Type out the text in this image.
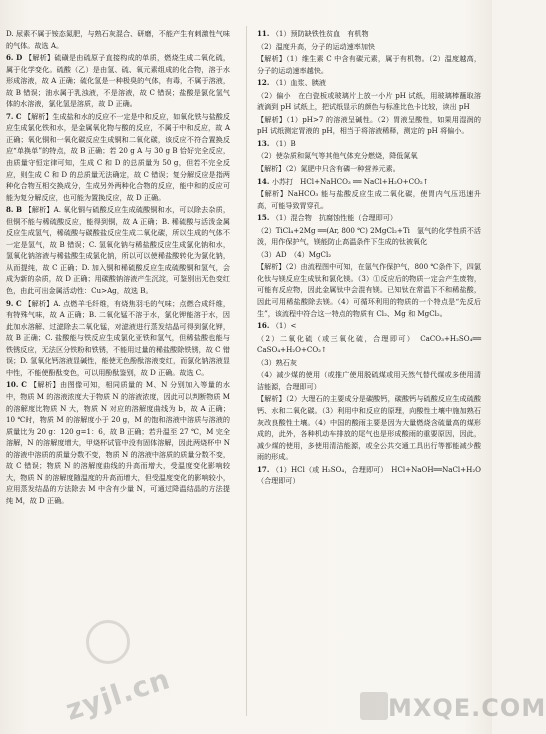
D. 尿素不属于铵态氮肥，与熟石灰混合、研磨，不能产生有刺激性气味的气体。故选 A。
6. D 【解析】硫磺是由硫原子直接构成的单质，燃烧生成二氧化硫，属于化学变化。硫酸（乙）是由氢、硫、氧元素组成的化合物，溶于水形成溶液，故 A 正确；硫化氢是一种极臭的气体，有毒，不属于溶液，故 B 错误；油水属于乳浊液，不是溶液，故 C 错误；盐酸是氯化氢气体的水溶液，氯化氢是溶质，故 D 正确。
7. C 【解析】生成盐和水的反应不一定是中和反应，如氧化铁与盐酸反应生成氯化铁和水，是金属氧化物与酸的反应，不属于中和反应，故 A 正确；氧化铜和一氧化碳反应生成铜和二氧化碳，该反应不符合置换反应“单换单”的特点，故 B 正确；若 20 g A 与 30 g B 恰好完全反应，由质量守恒定律可知，生成 C 和 D 的总质量为 50 g，但若不完全反应，则生成 C 和 D 的总质量无法确定，故 C 错误；复分解反应是指两种化合物互相交换成分，生成另外两种化合物的反应，能中和的反应可能为复分解反应，也可能为置换反应，故 D 正确。
8. B 【解析】A. 氧化铜与硫酸反应生成硫酸铜和水，可以除去杂质，但铜不能与稀硫酸反应，能得到铜，故 A 正确；B. 稀硫酸与活泼金属反应生成氢气，稀硫酸与碳酸盐反应生成二氧化碳，所以生成的气体不一定是氢气，故 B 错误；C. 氢氧化钠与稀盐酸反应生成氯化钠和水，氢氧化钠溶液与稀盐酸生成氯化钠，所以可以使稀盐酸转化为氯化钠，从而提纯，故 C 正确；D. 加入铜和稀硫酸反应生成硫酸铜和氢气，会成为新的杂质，故 D 正确；用碳酸钠溶液产生沉淀，可鉴别出无色变红色，由此可出金属活动性：Cu>Ag，故选 B。
9. C 【解析】A. 点燃羊毛纤维，有烧焦羽毛的气味；点燃合成纤维，有特殊气味，故 A 正确；B. 二氧化锰不溶于水，氯化钾能溶于水，因此加水溶解、过滤除去二氧化锰，对滤液进行蒸发结晶可得到氯化钾，故 B 正确；C. 盐酸能与铁反应生成氯化亚铁和氢气，但稀盐酸也能与铁锈反应，无法区分铁粉和铁锈，不能用过量的稀盐酸除铁锈，故 C 错误；D. 氢氧化钙溶液显碱性，能使无色酚酞溶液变红，而氯化钠溶液显中性，不能使酚酞变色，可以用酚酞鉴别，故 D 正确。故选 C。
10. C 【解析】由图像可知，相同质量的 M、N 分别加入等量的水中，物质 M 的溶液浓度大于物质 N 的溶液浓度，因此可以判断物质 M 的溶解度比物质 N 大，物质 N 对应的溶解度曲线为 b，故 A 正确；10 ℃时，物质 M 的溶解度小于 20 g，M 的饱和溶液中溶质与溶液的质量比为 20 g：120 g=1：6，故 B 正确；若升温至 27 ℃，M 完全溶解，N 的溶解度增大，甲烧杯试管中没有固体溶解，因此两烧杯中 N 的溶液中溶质的质量分数不变，物质 N 的溶液中溶质的质量分数不变，故 C 错误；物质 N 的溶解度曲线的升高而增大，受温度变化影响较大，物质 N 的溶解度随温度的升高而增大，但受温度变化的影响较小，应用蒸发结晶的方法除去 M 中含有少量 N，可通过降温结晶的方法提纯 M，故 D 正确。
11. （1）预防缺铁性贫血　有机物
（2）温度升高，分子的运动速率加快
【解析】（1）维生素 C 中含有碳元素，属于有机物。（2）温度越高，分子的运动速率越快。
12. （1）血浆、胰液
（2）偏小　在白瓷板或玻璃片上放一小片 pH 试纸，用玻璃棒蘸取溶液滴到 pH 试纸上，把试纸显示的颜色与标准比色卡比较，读出 pH
【解析】（1）pH>7 的溶液呈碱性。（2）胃液呈酸性，如果用湿润的 pH 试纸测定胃液的 pH，相当于将溶液稀释，测定的 pH 将偏小。
13. （1）B
（2）使杂质和氮气等其他气体充分燃烧，降低氮氧
【解析】（2）氮肥中只含有磷一种营养元素。
14. 小苏打　HCl+NaHCO₃ ══ NaCl+H₂O+CO₂↑
【解析】NaHCO₃ 能与盐酸反应生成二氧化碳，使胃内气压迅速升高，可能导致胃穿孔。
15. （1）混合物　抗腐蚀性能（合理即可）
（2）TiCl₄+2Mg ══(Ar, 800 ℃) 2MgCl₂+Ti　氩气的化学性质不活泼，用作保护气，镁能防止高温条件下生成的钛被氧化
（3）AD　（4）MgCl₂
【解析】（2）由流程图中可知，在氩气作保护气，800 ℃条件下，四氯化钛与镁反应生成钛和氯化镁。（3）①反应后的物质一定会产生废物，可能有反应物，因此金属钛中会混有镁。已知钛在常温下不和稀盐酸，因此可用稀盐酸除去镁。（4）可循环利用的物质的一个特点是“先反后生”，该流程中符合这一特点的物质有 Cl₂、Mg 和 MgCl₂。
16. （1）<
（2）二氧化硫（或三氧化硫，合理即可）　CaCO₃+H₂SO₄══ CaSO₄+H₂O+CO₂↑
（3）熟石灰
（4）减少煤的使用（或推广使用脱硫煤或用天然气替代煤或多使用清洁能源，合理即可）
【解析】（2）大理石的主要成分是碳酸钙，碳酸钙与硫酸反应生成硫酸钙、水和二氧化碳。（3）利用中和反应的原理，向酸性土壤中施加熟石灰改良酸性土壤。（4）中国的酸雨主要是因为大量燃烧含硫量高的煤形成的，此外，各种机动车排放的尾气也是形成酸雨的重要原因，因此，减少煤的使用，多使用清洁能源，或全公共交通工具出行等都能减少酸雨的形成。
17. （1）HCl（或 H₂SO₄，合理即可）　HCl+NaOH══NaCl+H₂O（合理即可）
zyjl.cn	MXQE.COM
